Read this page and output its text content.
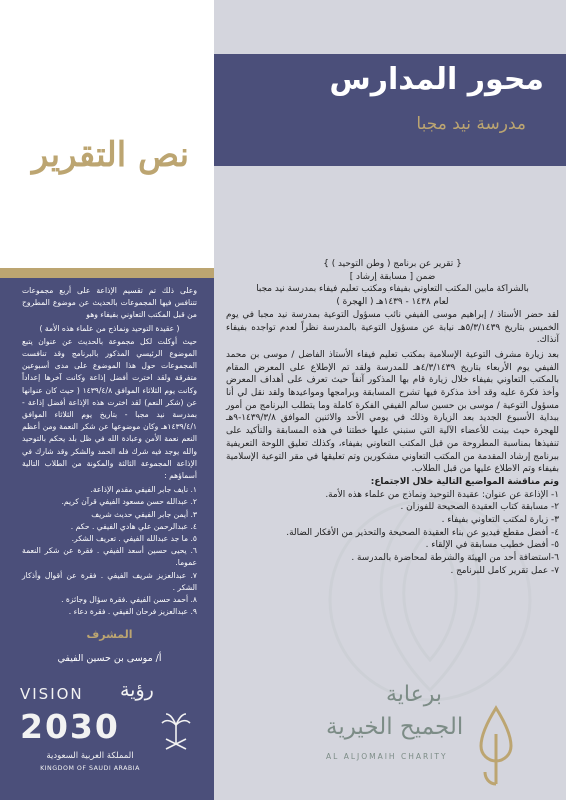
محور المدارس
مدرسة نيد مجبا
نص التقرير

{ تقرير عن برنامج ( وطن التوحيد ) }

ضمن [ مسابقة إرشاد ]

بالشراكة مابين المكتب التعاوني بفيفاء ومكتب تعليم فيفاء بمدرسة نيد مجبا

لعام ١٤٣٨ - ١٤٣٩هـ ( الهجرة )

لقد حضر الأستاذ / إبراهيم موسى الفيفي نائب مسؤول التوعية بمدرسة نيد مجبا في يوم الخميس بتاريخ ٥/٣/١٤٣٩هـ نيابة عن مسؤول التوعية بالمدرسة نظراً لعدم تواجده بفيفاء آنذاك.

بعد زيارة مشرف التوعية الإسلامية بمكتب تعليم فيفاء الأستاذ الفاضل / موسى بن محمد الفيفي يوم الأربعاء بتاريخ ٤/٣/١٤٣٩هـ للمدرسة ولقد تم الإطلاع على المعرض المقام بالمكتب التعاوني بفيفاء خلال زيارة قام بها المذكور آنفاً حيث تعرف على أهداف المعرض وأخذ فكرة عليه وقد أخذ مذكرة فيها تشرح المسابقة وبرامجها ومواعيدها ولقد نقل لي أنا مسؤول التوعية / موسى بن حسين سالم الفيفي الفكرة كاملة وما يتطلب البرنامج من أمور ببداية الأسبوع الجديد بعد الزيارة وذلك في يومي الأحد والاثنين الموافق ١٤٣٩/٣/٨-٩هـ للهجرة حيث بينت للأعضاء الآلية التي سنبني عليها خطتنا في هذه المسابقة والتأكيد على تنفيذها بمناسبة المطروحة من قبل المكتب التعاوني بفيفاء، وكذلك تعليق اللوحة التعريفية ببرنامج إرشاد المقدمة من المكتب التعاوني مشكورين وتم تعليقها في مقر التوعية الإسلامية بفيفاء وتم الاطلاع عليها من قبل الطلاب.

وتم مناقشة المواضيع التالية خلال الاجتماع:

١- الإذاعة عن عنوان: عقيدة التوحيد ونماذج من علماء هذه الأمة.
٢- مسابقة كتاب العقيدة الصحيحة للفوزان .
٣- زيارة لمكتب التعاوني بفيفاء .
٤- أفضل مقطع فيديو عن بناء العقيدة الصحيحة والتحذير من الأفكار الضالة.
٥- أفضل خطيب مسابقة في الإلقاء .
٦-استضافة أحد من الهيئة والشرطة لمحاضرة بالمدرسة .
٧- عمل تقرير كامل للبرنامج .

وعلى ذلك تم تقسيم الإذاعة على أربع مجموعات تتنافس فيها المجموعات بالحديث عن موضوع المطروح من قبل المكتب التعاوني بفيفاء وهو

( عقيدة التوحيد ونماذج من علماء هذه الأمة )

حيث أوكلت لكل مجموعة بالحديث عن عنوان يتبع الموضوع الرئيسي المذكور بالبرنامج وقد تنافست المجموعات حول هذا الموضوع على مدى أسبوعين متفرقة ولقد اخترت أفضل إذاعة وكانت آخرها إعداداً وكانت يوم الثلاثاء الموافق ١٤٣٩/٤/٨ ( حيث كان عنوانها عن (شكر النعم) لقد اخترت هذه الإذاعة أفضل إذاعة - بمدرسة نيد مجبا - بتاريخ يوم الثلاثاء الموافق ١٤٣٩/٤/١هـ وكان موضوعها عن شكر النعمة ومن أعظم النعم نعمة الأمن وعبادة الله في ظل بلد يحكم بالتوحيد والله يوجد فيه شرك فله الحمد والشكر وقد شارك في الإذاعة المجموعة الثالثة والمكونة من الطلاب التالية أسماؤهم :

١. نايف جابر الفيفي مقدم الإذاعة.
٢. عبدالله حسن مسعود الفيفي قرآن كريم.
٣. أيمن جابر الفيفي حديث شريف
٤. عبدالرحمن علي هادي الفيفي . حكم .
٥. ما جد عبدالله الفيفي . تعريف الشكر.
٦. يحيى حسين أسعد الفيفي . فقرة عن شكر النعمة عموما.
٧. عبدالعزيز شريف الفيفي . فقرة عن أقوال وأذكار الشكر .
٨. أحمد حسن الفيفي .فقرة سؤال وجائزة .
٩. عبدالعزيز فرحان الفيفي . فقرة دعاء .
المشرف
أ/ موسى بن حسين الفيفي
VISION رؤية
2030
المملكة العربية السعودية
KINGDOM OF SAUDI ARABIA
برعاية
الجميح الخيرية
AL ALJOMAIH CHARITY
